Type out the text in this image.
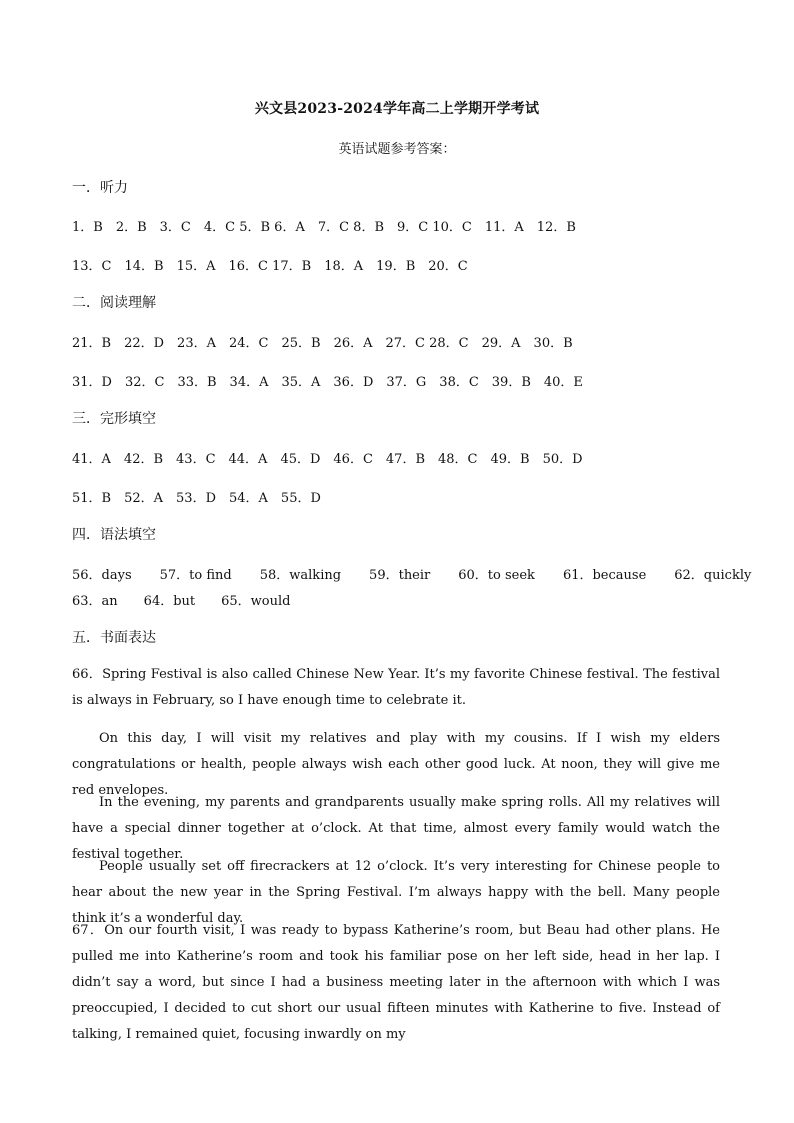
兴文县2023-2024学年高二上学期开学考试
英语试题参考答案：
一．听力
1．B　2．B　3．C　4．C 5．B 6．A　7．C 8．B　9．C 10．C　11．A　12．B
13．C　14．B　15．A　16．C 17．B　18．A　19．B　20．C
二．阅读理解
21．B　22．D　23．A　24．C　25．B　26．A　27．C 28．C　29．A　30．B
31．D　32．C　33．B　34．A　35．A　36．D　37．G　38．C　39．B　40．E
三．完形填空
41．A　42．B　43．C　44．A　45．D　46．C　47．B　48．C　49．B　50．D
51．B　52．A　53．D　54．A　55．D
四．语法填空
56．days 57．to find 58．walking 59．their 60．to seek 61．because 62．quickly
63．an 64．but 65．would
五．书面表达
66．Spring Festival is also called Chinese New Year. It’s my favorite Chinese festival. The festival is always in February, so I have enough time to celebrate it.
On this day, I will visit my relatives and play with my cousins. If I wish my elders congratulations or health, people always wish each other good luck. At noon, they will give me red envelopes.
In the evening, my parents and grandparents usually make spring rolls. All my relatives will have a special dinner together at o’clock. At that time, almost every family would watch the festival together.
People usually set off firecrackers at 12 o’clock. It’s very interesting for Chinese people to hear about the new year in the Spring Festival. I’m always happy with the bell. Many people think it’s a wonderful day.
67．On our fourth visit, I was ready to bypass Katherine’s room, but Beau had other plans. He pulled me into Katherine’s room and took his familiar pose on her left side, head in her lap. I didn’t say a word, but since I had a business meeting later in the afternoon with which I was preoccupied, I decided to cut short our usual fifteen minutes with Katherine to five. Instead of talking, I remained quiet, focusing inwardly on my
